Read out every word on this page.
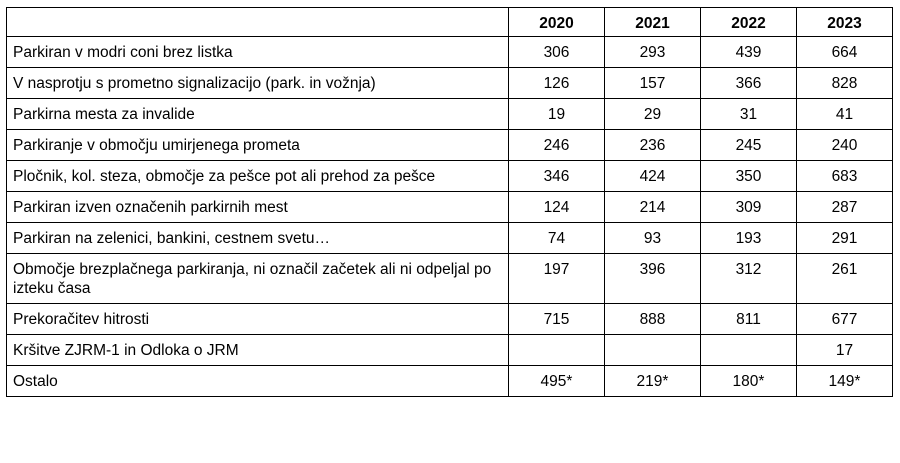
	2020	2021	2022	2023
Parkiran v modri coni brez listka	306	293	439	664
V nasprotju s prometno signalizacijo (park. in vožnja)	126	157	366	828
Parkirna mesta za invalide	19	29	31	41
Parkiranje v območju umirjenega prometa	246	236	245	240
Pločnik, kol. steza, območje za pešce pot ali prehod za pešce	346	424	350	683
Parkiran izven označenih parkirnih mest	124	214	309	287
Parkiran na zelenici, bankini, cestnem svetu…	74	93	193	291
Območje brezplačnega parkiranja, ni označil začetek ali ni odpeljal po izteku časa	197	396	312	261
Prekoračitev hitrosti	715	888	811	677
Kršitve ZJRM-1 in Odloka o JRM				17
Ostalo	495*	219*	180*	149*
